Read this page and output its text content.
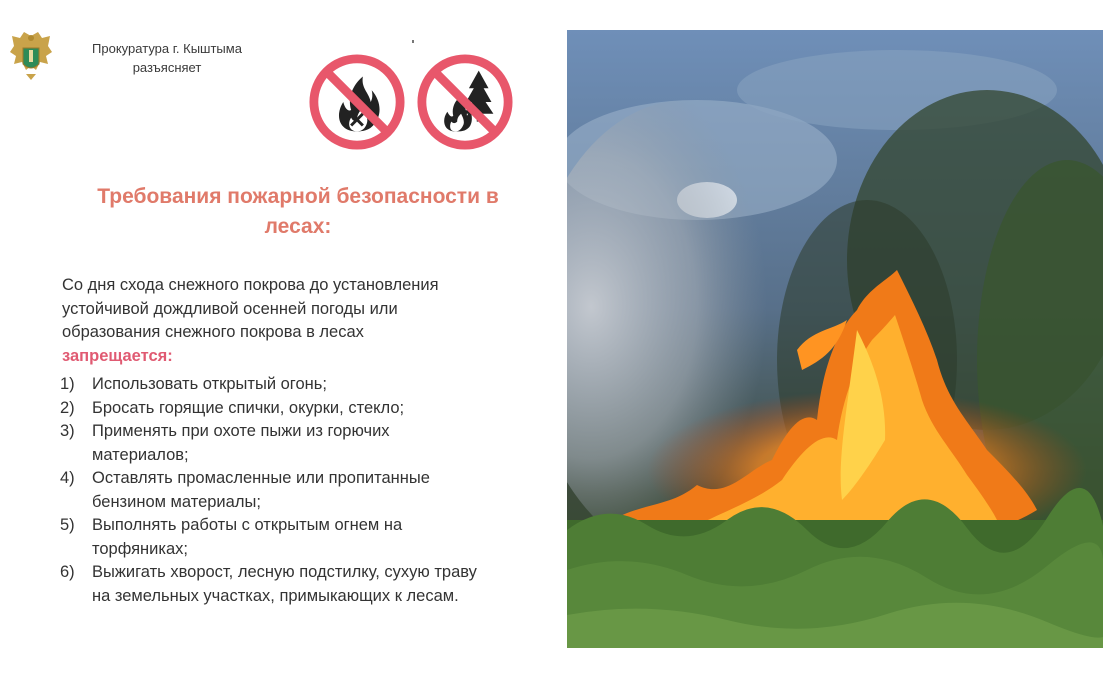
Прокуратура г. Кыштыма
разъясняет
Требования пожарной безопасности в
лесах:
Со дня схода снежного покрова до установления
устойчивой дождливой осенней погоды или
образования снежного покрова в лесах
запрещается:
1) Использовать открытый огонь;
2) Бросать горящие спички, окурки, стекло;
3) Применять при охоте пыжи из горючих
материалов;
4) Оставлять промасленные или пропитанные
бензином материалы;
5) Выполнять работы с открытым огнем на
торфяниках;
6) Выжигать хворост, лесную подстилку, сухую траву
на земельных участках, примыкающих к лесам.
